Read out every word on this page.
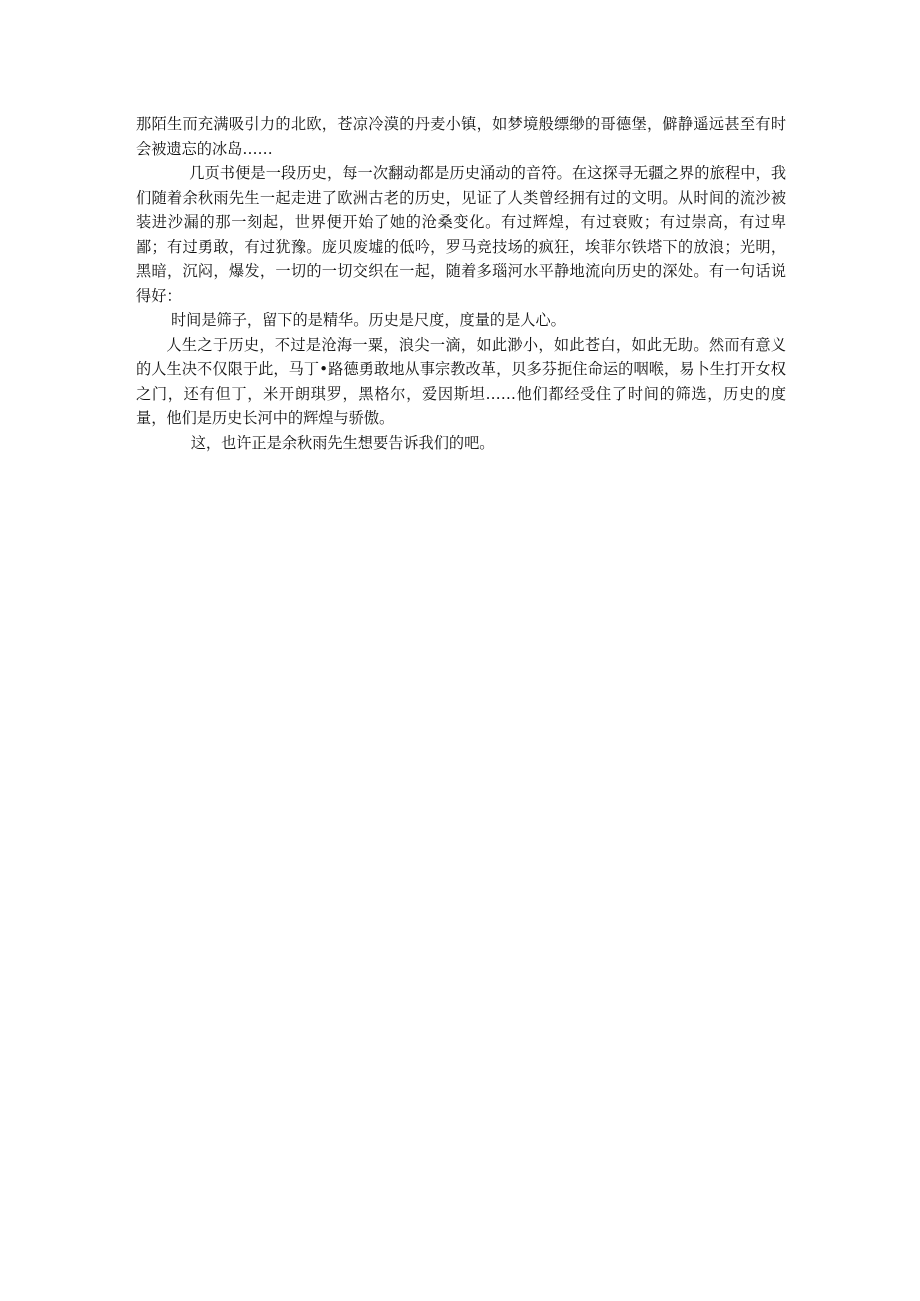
那陌生而充满吸引力的北欧，苍凉冷漠的丹麦小镇，如梦境般缥缈的哥德堡，僻静遥远甚至有时会被遗忘的冰岛……

几页书便是一段历史，每一次翻动都是历史涌动的音符。在这探寻无疆之界的旅程中，我们随着余秋雨先生一起走进了欧洲古老的历史，见证了人类曾经拥有过的文明。从时间的流沙被装进沙漏的那一刻起，世界便开始了她的沧桑变化。有过辉煌，有过衰败；有过崇高，有过卑鄙；有过勇敢，有过犹豫。庞贝废墟的低吟，罗马竞技场的疯狂，埃菲尔铁塔下的放浪；光明，黑暗，沉闷，爆发，一切的一切交织在一起，随着多瑙河水平静地流向历史的深处。有一句话说得好：

时间是筛子，留下的是精华。历史是尺度，度量的是人心。

人生之于历史，不过是沧海一粟，浪尖一滴，如此渺小，如此苍白，如此无助。然而有意义的人生决不仅限于此，马丁•路德勇敢地从事宗教改革，贝多芬扼住命运的咽喉，易卜生打开女权之门，还有但丁，米开朗琪罗，黑格尔，爱因斯坦……他们都经受住了时间的筛选，历史的度量，他们是历史长河中的辉煌与骄傲。

这，也许正是余秋雨先生想要告诉我们的吧。
